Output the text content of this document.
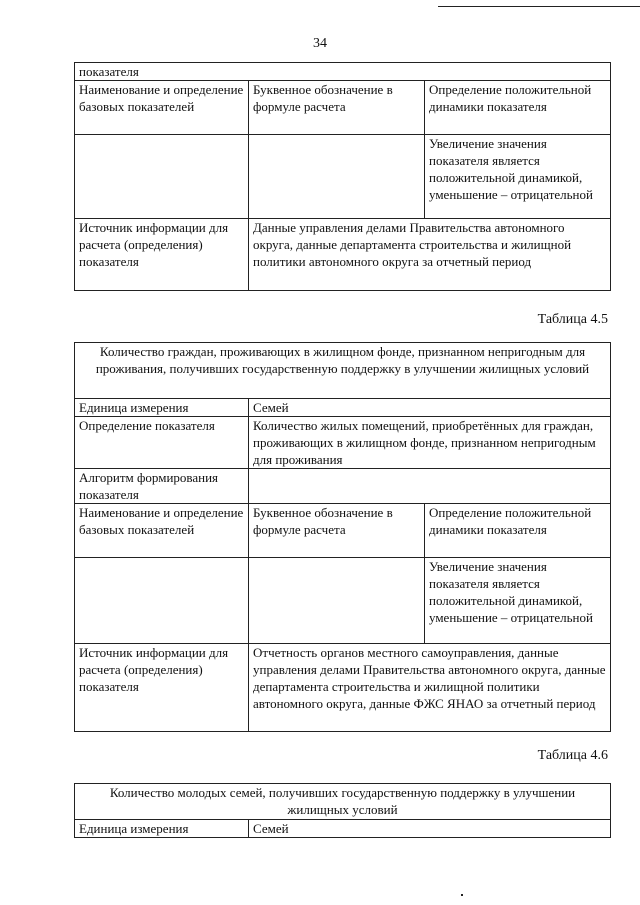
34
показателя		
Наименование и определение базовых показателей	Буквенное обозначение в формуле расчета	Определение положительной динамики показателя
		Увеличение значения показателя является положительной динамикой, уменьшение – отрицательной
Источник информации для расчета (определения) показателя	Данные управления делами Правительства автономного округа, данные департамента строительства и жилищной политики автономного округа за отчетный период	
Таблица 4.5
Количество граждан, проживающих в жилищном фонде, признанном непригодным для проживания, получивших государственную поддержку в улучшении жилищных условий		
Единица измерения	Семей	
Определение показателя	Количество жилых помещений, приобретённых для граждан, проживающих в жилищном фонде, признанном непригодным для проживания	
Алгоритм формирования показателя		
Наименование и определение базовых показателей	Буквенное обозначение в формуле расчета	Определение положительной динамики показателя
		Увеличение значения показателя является положительной динамикой, уменьшение – отрицательной
Источник информации для расчета (определения) показателя	Отчетность органов местного самоуправления, данные управления делами Правительства автономного округа, данные департамента строительства и жилищной политики автономного округа, данные ФЖС ЯНАО за отчетный период	
Таблица 4.6
Количество молодых семей, получивших государственную поддержку в улучшении жилищных условий
Единица измерения	Семей
